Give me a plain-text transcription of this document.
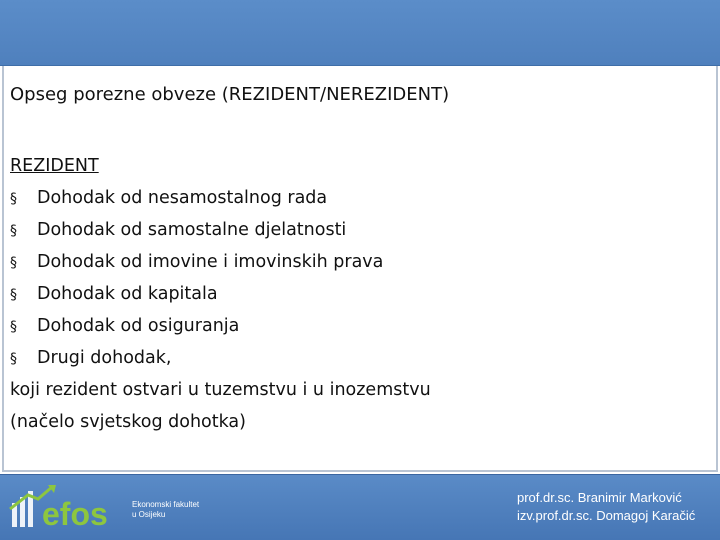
Opseg porezne obveze (REZIDENT/NEREZIDENT)
REZIDENT
§ Dohodak od nesamostalnog rada
§ Dohodak od samostalne djelatnosti
§ Dohodak od imovine i imovinskih prava
§ Dohodak od kapitala
§ Dohodak od osiguranja
§ Drugi dohodak,
koji rezident ostvari u tuzemstvu i u inozemstvu
(načelo svjetskog dohotka)
efos	Ekonomski fakultet
u Osijeku
prof.dr.sc. Branimir Marković
izv.prof.dr.sc. Domagoj Karačić
